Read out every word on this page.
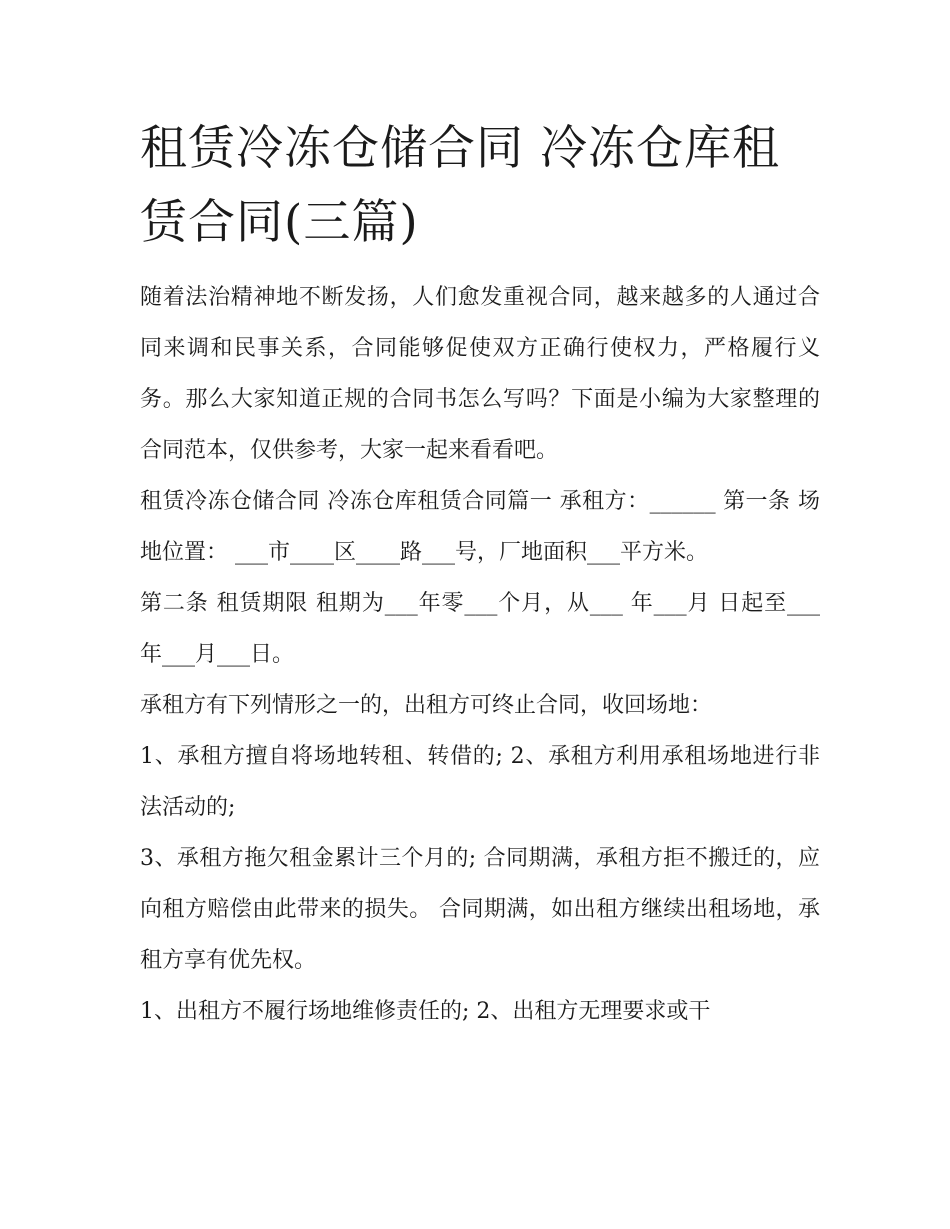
租赁冷冻仓储合同 冷冻仓库租赁合同(三篇)

随着法治精神地不断发扬，人们愈发重视合同，越来越多的人通过合同来调和民事关系，合同能够促使双方正确行使权力，严格履行义务。那么大家知道正规的合同书怎么写吗？下面是小编为大家整理的合同范本，仅供参考，大家一起来看看吧。

租赁冷冻仓储合同 冷冻仓库租赁合同篇一 承租方：______ 第一条 场地位置： ___市____区____路___号，厂地面积___平方米。

第二条 租赁期限 租期为___年零___个月，从___ 年___月 日起至___ 年___月___日。

承租方有下列情形之一的，出租方可终止合同，收回场地：

1、承租方擅自将场地转租、转借的; 2、承租方利用承租场地进行非法活动的;

3、承租方拖欠租金累计三个月的; 合同期满，承租方拒不搬迁的，应向租方赔偿由此带来的损失。 合同期满，如出租方继续出租场地，承租方享有优先权。

1、出租方不履行场地维修责任的; 2、出租方无理要求或干
